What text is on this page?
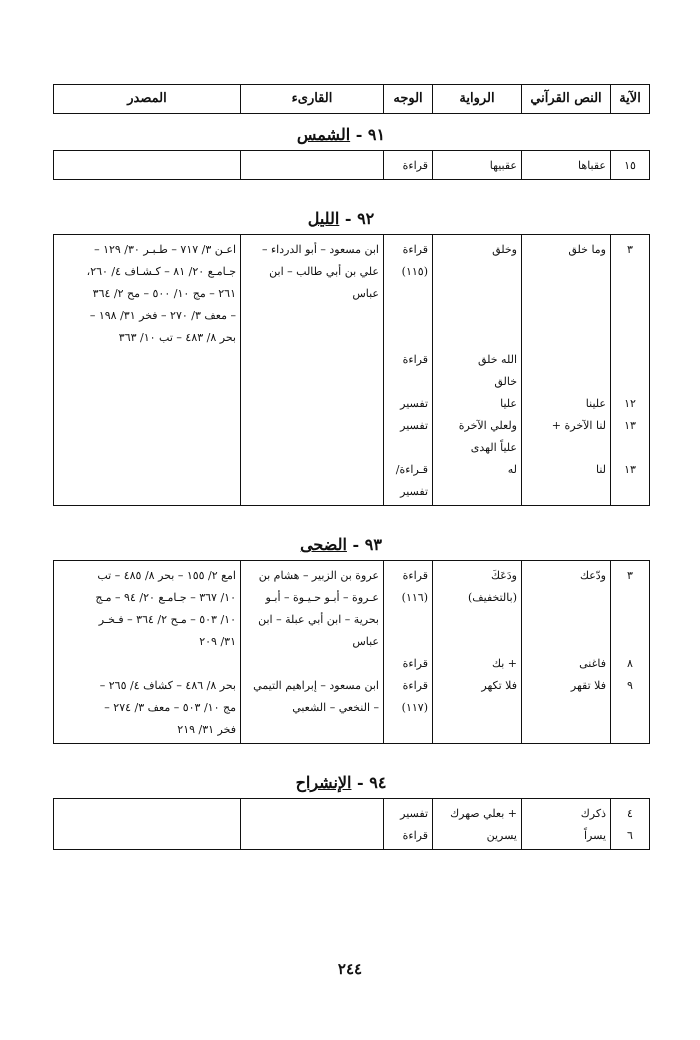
الآية	النص القرآني	الرواية	الوجه	القارىء	المصدر
٩١ - الشمس
١٥	عقباها	عقبيها	قراءة		
٩٢ - الليل
٣	وما خلق	وخلق	قراءة	ابن مسعود – أبو الدرداء –	اعـن ٣/ ٧١٧ – طـبـر ٣٠/ ١٢٩ –
			(١١٥)	علي بن أبي طالب – ابن	جـامـع ٢٠/ ٨١ – كـشـاف ٤/ ٢٦٠،
				عباس	٢٦١ – مج ١٠/ ٥٠٠ – مح ٢/ ٣٦٤
					– معف ٣/ ٢٧٠ – فخر ٣١/ ١٩٨ –
					بحر ٨/ ٤٨٣ – تب ١٠/ ٣٦٣
		الله خلق	قراءة		
		خالق			
١٢	علينا	عليا	تفسير		
١٣	لنا الآخرة +	ولعلي الآخرة	تفسير		
		علياً الهدى			
١٣	لنا	له	قـراءة/		
			تفسير		
٩٣ - الضحى
٣	ودّعك	ودَعَكَ	قراءة	عروة بن الزبير – هشام بن	امع ٢/ ١٥٥ – بحر ٨/ ٤٨٥ – تب
		(بالتخفيف)	(١١٦)	عـروة – أبـو حـيـوة – أبـو	١٠/ ٣٦٧ – جـامـع ٢٠/ ٩٤ – مـج
				بحرية – ابن أبي عبلة – ابن	١٠/ ٥٠٣ – مـح ٢/ ٣٦٤ – فـخـر
				عباس	٣١/ ٢٠٩
٨	فاغنى	+ بك	قراءة		
٩	فلا تقهر	فلا تكهر	قراءة	ابن مسعود – إبراهيم التيمي	بحر ٨/ ٤٨٦ – كشاف ٤/ ٢٦٥ –
			(١١٧)	– النخعي – الشعبي	مج ١٠/ ٥٠٣ – معف ٣/ ٢٧٤ –
					فخر ٣١/ ٢١٩
٩٤ - الإنشراح
٤	ذكرك	+ بعلي صهرك	تفسير		
٦	يسراً	يسرين	قراءة		
٢٤٤
